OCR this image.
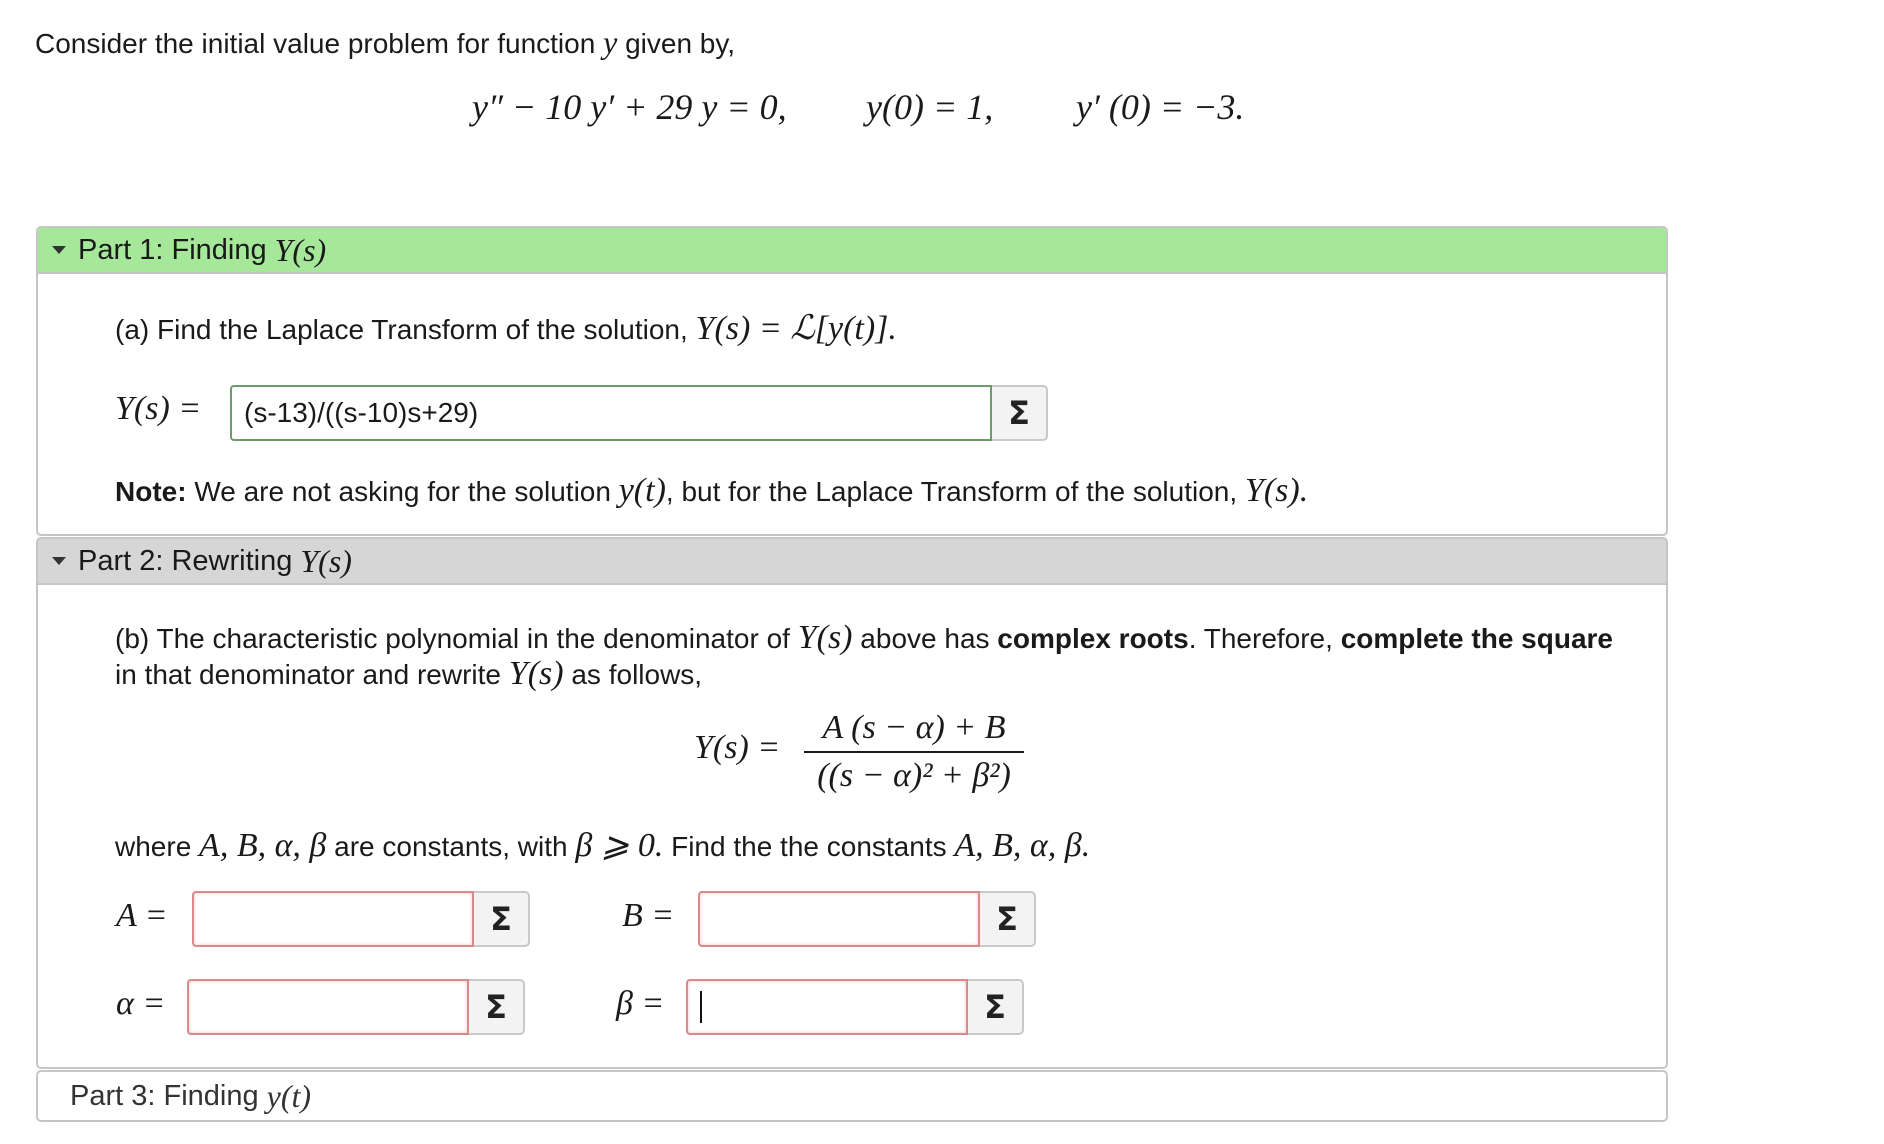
Consider the initial value problem for function y given by,
y″ − 10 y′ + 29 y = 0, y(0) = 1, y′ (0) = −3.
Part 1: Finding Y(s)
(a) Find the Laplace Transform of the solution, Y(s) = ℒ[y(t)].
Y(s) =	(s-13)/((s-10)s+29)	Σ
Note: We are not asking for the solution y(t), but for the Laplace Transform of the solution, Y(s).
Part 2: Rewriting Y(s)
(b) The characteristic polynomial in the denominator of Y(s) above has complex roots. Therefore, complete the square
in that denominator and rewrite Y(s) as follows,
Y(s) =
A (s − α) + B
((s − α)² + β²)
where A, B, α, β are constants, with β ⩾ 0. Find the the constants A, B, α, β.
A =	Σ	B =	Σ
α =	Σ	β =	Σ
Part 3: Finding y(t)
